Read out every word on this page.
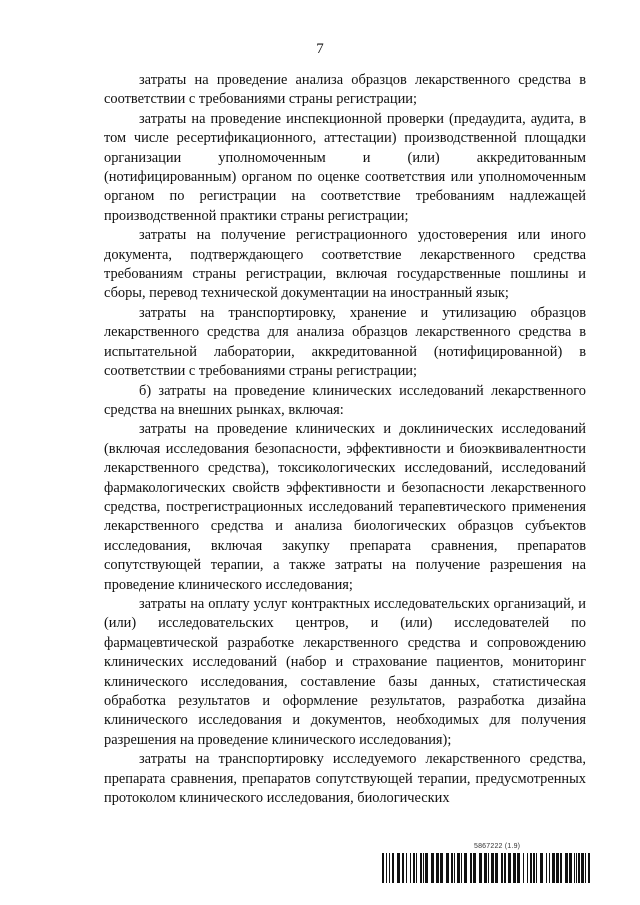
7

затраты на проведение анализа образцов лекарственного средства в соответствии с требованиями страны регистрации;

затраты на проведение инспекционной проверки (предаудита, аудита, в том числе ресертификационного, аттестации) производственной площадки организации уполномоченным и (или) аккредитованным (нотифицированным) органом по оценке соответствия или уполномоченным органом по регистрации на соответствие требованиям надлежащей производственной практики страны регистрации;

затраты на получение регистрационного удостоверения или иного документа, подтверждающего соответствие лекарственного средства требованиям страны регистрации, включая государственные пошлины и сборы, перевод технической документации на иностранный язык;

затраты на транспортировку, хранение и утилизацию образцов лекарственного средства для анализа образцов лекарственного средства в испытательной лаборатории, аккредитованной (нотифицированной) в соответствии с требованиями страны регистрации;

б) затраты на проведение клинических исследований лекарственного средства на внешних рынках, включая:

затраты на проведение клинических и доклинических исследований (включая исследования безопасности, эффективности и биоэквивалентности лекарственного средства), токсикологических исследований, исследований фармакологических свойств эффективности и безопасности лекарственного средства, пострегистрационных исследований терапевтического применения лекарственного средства и анализа биологических образцов субъектов исследования, включая закупку препарата сравнения, препаратов сопутствующей терапии, а также затраты на получение разрешения на проведение клинического исследования;

затраты на оплату услуг контрактных исследовательских организаций, и (или) исследовательских центров, и (или) исследователей по фармацевтической разработке лекарственного средства и сопровождению клинических исследований (набор и страхование пациентов, мониторинг клинического исследования, составление базы данных, статистическая обработка результатов и оформление результатов, разработка дизайна клинического исследования и документов, необходимых для получения разрешения на проведение клинического исследования);

затраты на транспортировку исследуемого лекарственного средства, препарата сравнения, препаратов сопутствующей терапии, предусмотренных протоколом клинического исследования, биологических

5867222 (1.9)
